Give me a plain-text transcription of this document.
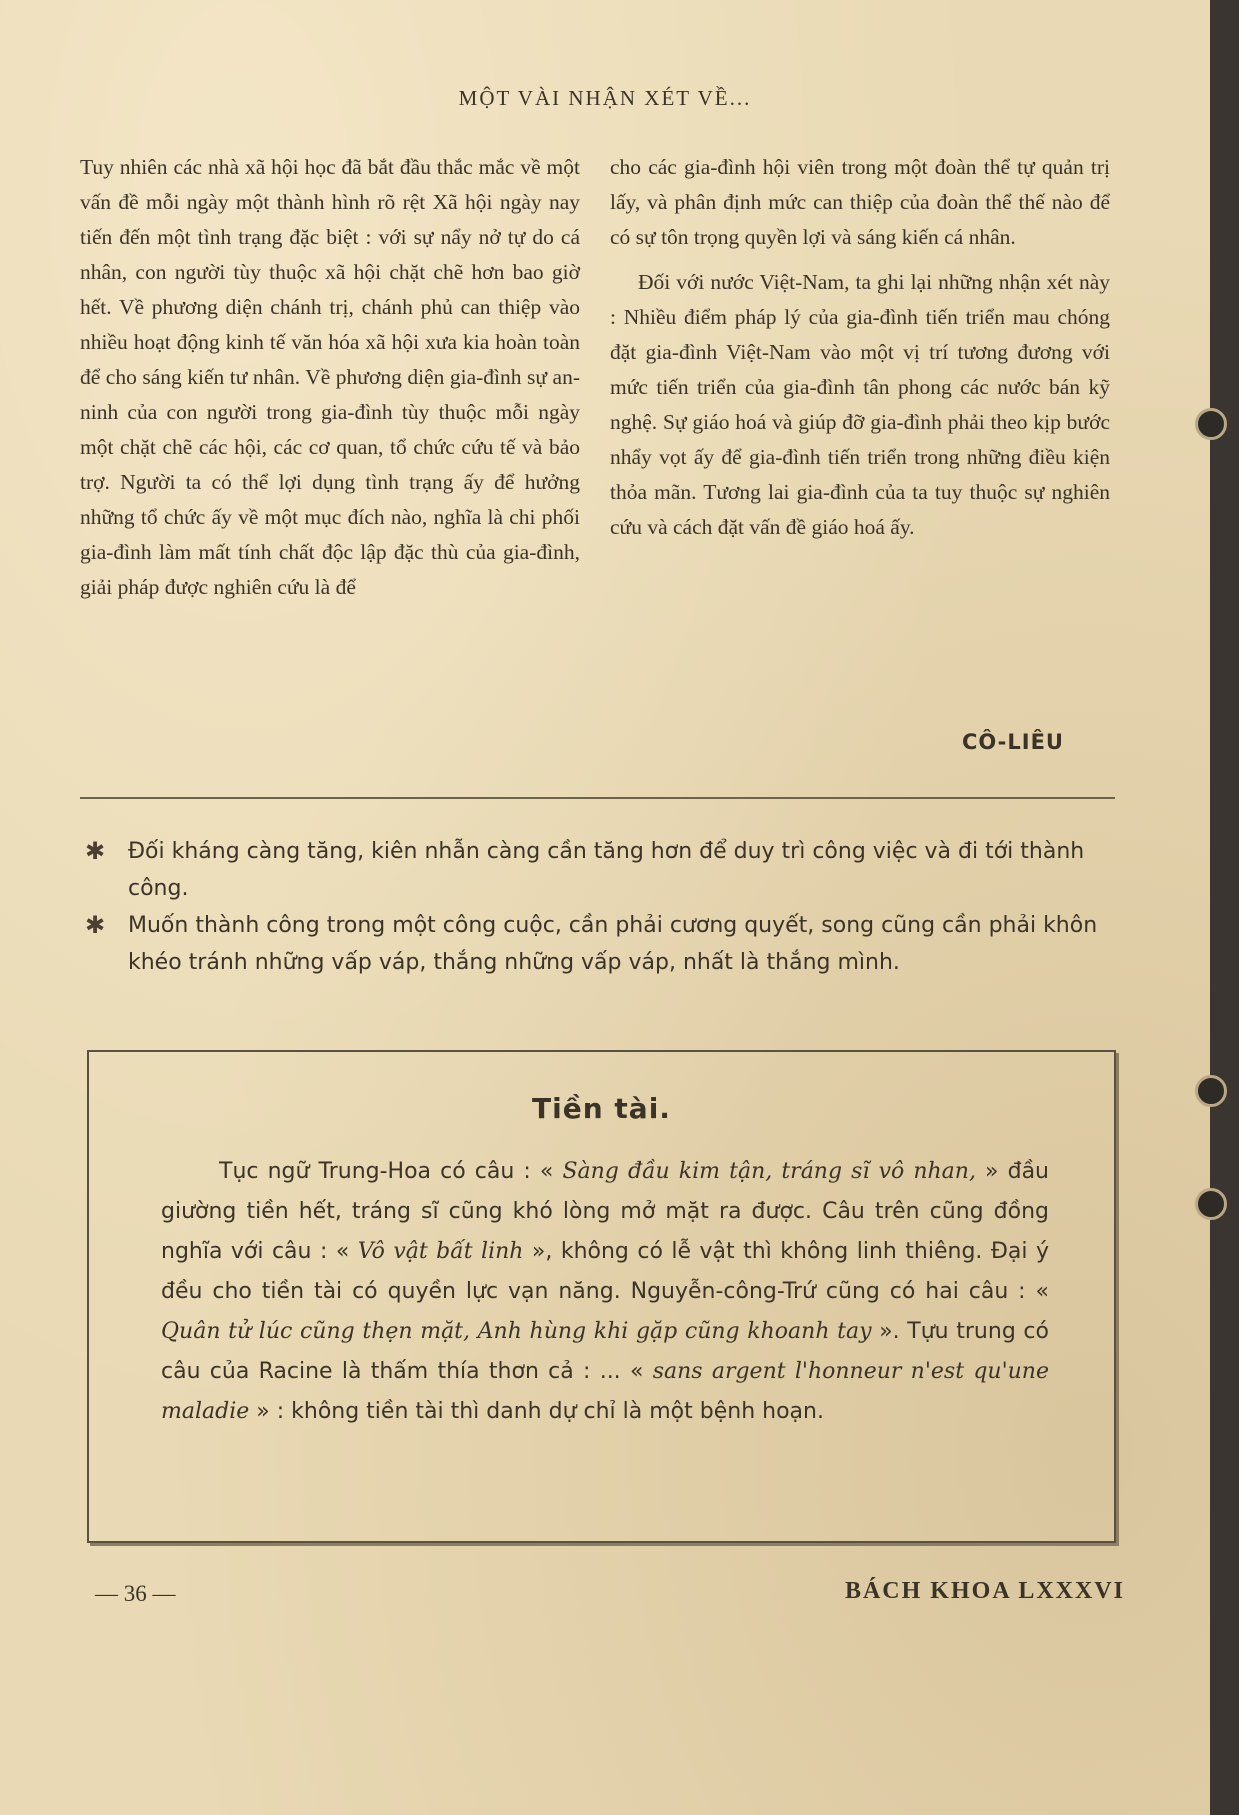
MỘT VÀI NHẬN XÉT VỀ...

Tuy nhiên các nhà xã hội học đã bắt đầu thắc mắc về một vấn đề mỗi ngày một thành hình rõ rệt Xã hội ngày nay tiến đến một tình trạng đặc biệt : với sự nẩy nở tự do cá nhân, con người tùy thuộc xã hội chặt chẽ hơn bao giờ hết. Về phương diện chánh trị, chánh phủ can thiệp vào nhiều hoạt động kinh tế văn hóa xã hội xưa kia hoàn toàn để cho sáng kiến tư nhân. Về phương diện gia-đình sự an-ninh của con người trong gia-đình tùy thuộc mỗi ngày một chặt chẽ các hội, các cơ quan, tổ chức cứu tế và bảo trợ. Người ta có thể lợi dụng tình trạng ấy để hưởng những tổ chức ấy về một mục đích nào, nghĩa là chi phối gia-đình làm mất tính chất độc lập đặc thù của gia-đình, giải pháp được nghiên cứu là để

cho các gia-đình hội viên trong một đoàn thể tự quản trị lấy, và phân định mức can thiệp của đoàn thể thế nào để có sự tôn trọng quyền lợi và sáng kiến cá nhân.

Đối với nước Việt-Nam, ta ghi lại những nhận xét này : Nhiều điểm pháp lý của gia-đình tiến triển mau chóng đặt gia-đình Việt-Nam vào một vị trí tương đương với mức tiến triển của gia-đình tân phong các nước bán kỹ nghệ. Sự giáo hoá và giúp đỡ gia-đình phải theo kịp bước nhẩy vọt ấy để gia-đình tiến triển trong những điều kiện thỏa mãn. Tương lai gia-đình của ta tuy thuộc sự nghiên cứu và cách đặt vấn đề giáo hoá ấy.

CÔ-LIÊU
✱ Đối kháng càng tăng, kiên nhẫn càng cần tăng hơn để duy trì công việc và đi tới thành công.
✱ Muốn thành công trong một công cuộc, cần phải cương quyết, song cũng cần phải khôn khéo tránh những vấp váp, thắng những vấp váp, nhất là thắng mình.
Tiền tài.

Tục ngữ Trung-Hoa có câu : « Sàng đầu kim tận, tráng sĩ vô nhan, » đầu giường tiền hết, tráng sĩ cũng khó lòng mở mặt ra được. Câu trên cũng đồng nghĩa với câu : « Vô vật bất linh », không có lễ vật thì không linh thiêng. Đại ý đều cho tiền tài có quyền lực vạn năng. Nguyễn-công-Trứ cũng có hai câu : « Quân tử lúc cũng thẹn mặt, Anh hùng khi gặp cũng khoanh tay ». Tựu trung có câu của Racine là thấm thía thơn cả : ... « sans argent l'honneur n'est qu'une maladie » : không tiền tài thì danh dự chỉ là một bệnh hoạn.

— 36 —	BÁCH KHOA LXXXVI
